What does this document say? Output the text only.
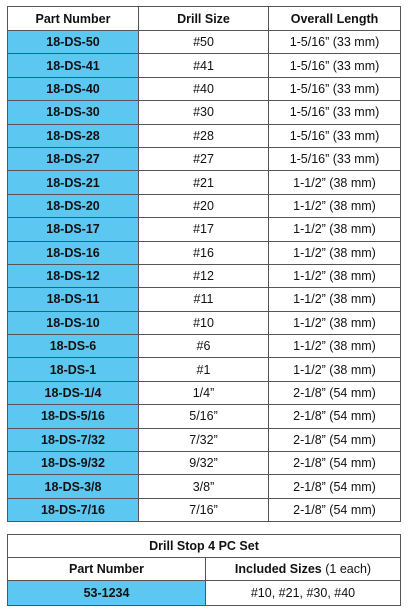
Part Number	Drill Size	Overall Length
18-DS-50	#50	1-5/16” (33 mm)
18-DS-41	#41	1-5/16” (33 mm)
18-DS-40	#40	1-5/16” (33 mm)
18-DS-30	#30	1-5/16” (33 mm)
18-DS-28	#28	1-5/16” (33 mm)
18-DS-27	#27	1-5/16” (33 mm)
18-DS-21	#21	1-1/2” (38 mm)
18-DS-20	#20	1-1/2” (38 mm)
18-DS-17	#17	1-1/2” (38 mm)
18-DS-16	#16	1-1/2” (38 mm)
18-DS-12	#12	1-1/2” (38 mm)
18-DS-11	#11	1-1/2” (38 mm)
18-DS-10	#10	1-1/2” (38 mm)
18-DS-6	#6	1-1/2” (38 mm)
18-DS-1	#1	1-1/2” (38 mm)
18-DS-1/4	1/4”	2-1/8” (54 mm)
18-DS-5/16	5/16”	2-1/8” (54 mm)
18-DS-7/32	7/32”	2-1/8” (54 mm)
18-DS-9/32	9/32”	2-1/8” (54 mm)
18-DS-3/8	3/8”	2-1/8” (54 mm)
18-DS-7/16	7/16”	2-1/8” (54 mm)
Drill Stop 4 PC Set	
Part Number	Included Sizes (1 each)
53-1234	#10, #21, #30, #40
